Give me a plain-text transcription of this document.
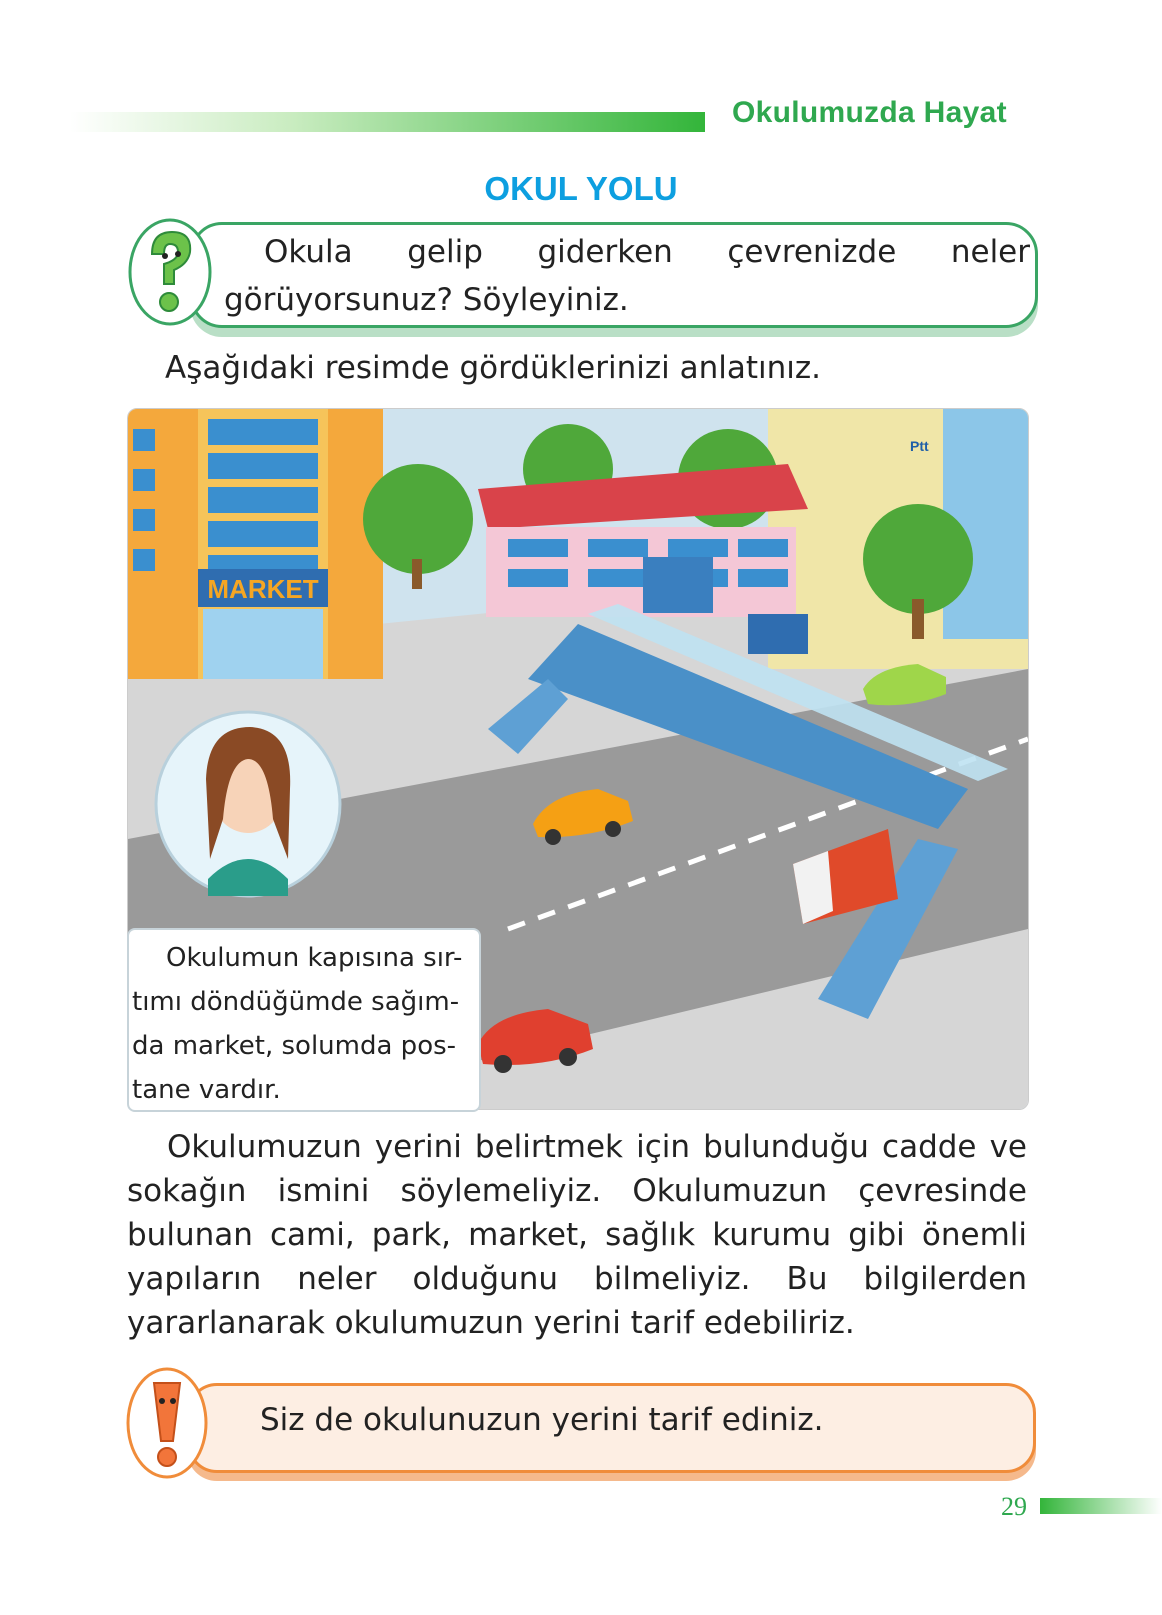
Okulumuzda Hayat
OKUL YOLU
Okula gelip giderken çevrenizde neler görüyorsunuz? Söyleyiniz.
Aşağıdaki resimde gördüklerinizi anlatınız.
MARKET
Ptt
Okulumun kapısına sır-
tımı döndüğümde sağım-
da market, solumda pos-
tane vardır.
Okulumuzun yerini belirtmek için bulunduğu cadde ve sokağın ismini söylemeliyiz. Okulumuzun çevresinde bulunan cami, park, market, sağlık kurumu gibi önemli yapıların neler olduğunu bilmeliyiz. Bu bilgilerden yararlanarak okulumuzun yerini tarif edebiliriz.
Siz de okulunuzun yerini tarif ediniz.
29
